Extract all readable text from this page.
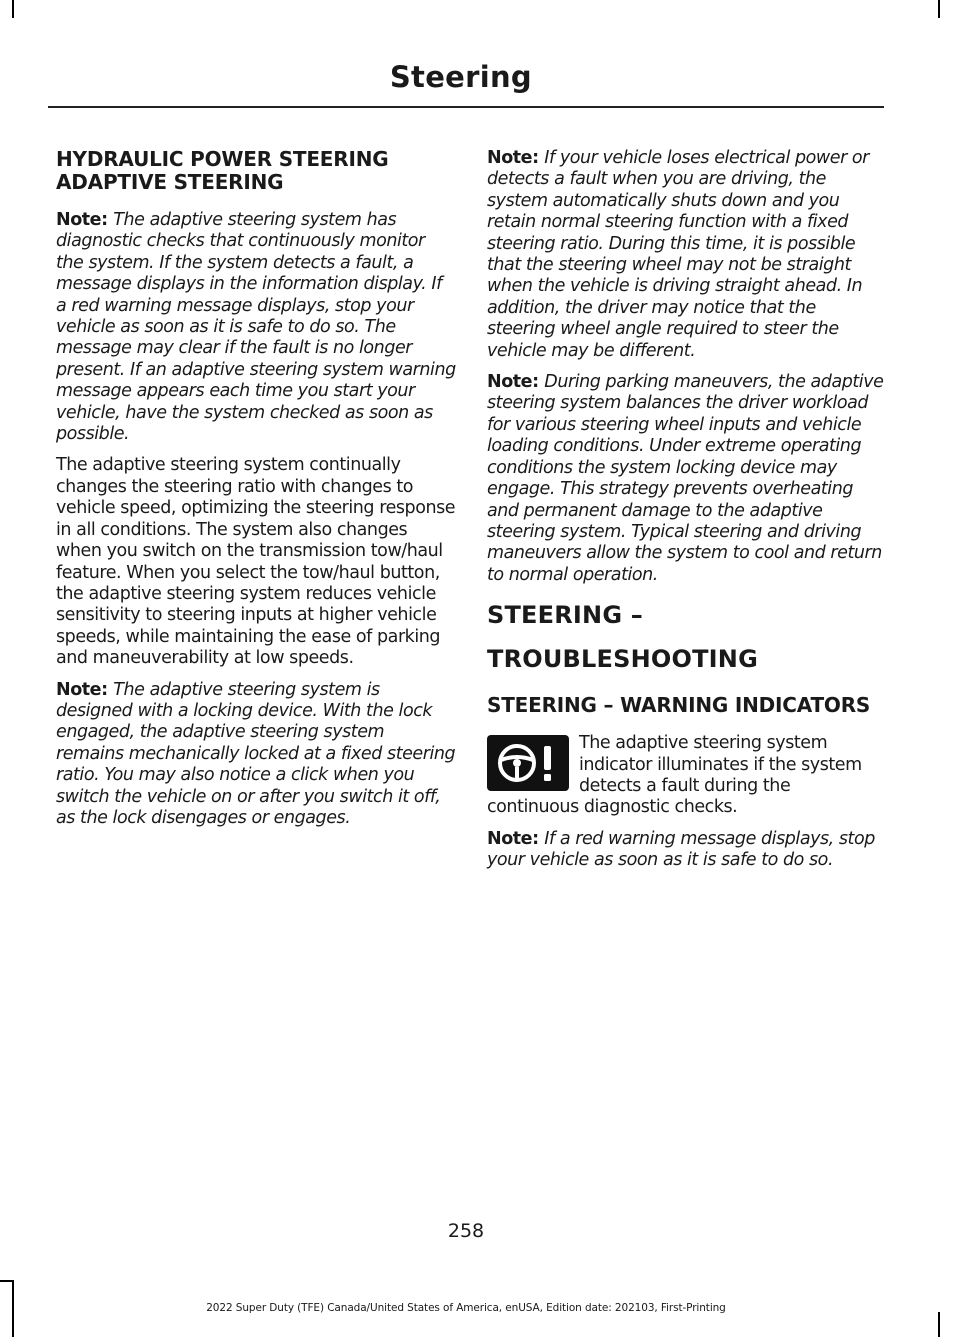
Steering
HYDRAULIC POWER STEERING ADAPTIVE STEERING

Note: The adaptive steering system has diagnostic checks that continuously monitor the system. If the system detects a fault, a message displays in the information display. If a red warning message displays, stop your vehicle as soon as it is safe to do so. The message may clear if the fault is no longer present. If an adaptive steering system warning message appears each time you start your vehicle, have the system checked as soon as possible.

The adaptive steering system continually changes the steering ratio with changes to vehicle speed, optimizing the steering response in all conditions. The system also changes when you switch on the transmission tow/haul feature. When you select the tow/haul button, the adaptive steering system reduces vehicle sensitivity to steering inputs at higher vehicle speeds, while maintaining the ease of parking and maneuverability at low speeds.

Note: The adaptive steering system is designed with a locking device. With the lock engaged, the adaptive steering system remains mechanically locked at a fixed steering ratio. You may also notice a click when you switch the vehicle on or after you switch it off, as the lock disengages or engages.

Note: If your vehicle loses electrical power or detects a fault when you are driving, the system automatically shuts down and you retain normal steering function with a fixed steering ratio. During this time, it is possible that the steering wheel may not be straight when the vehicle is driving straight ahead. In addition, the driver may notice that the steering wheel angle required to steer the vehicle may be different.

Note: During parking maneuvers, the adaptive steering system balances the driver workload for various steering wheel inputs and vehicle loading conditions. Under extreme operating conditions the system locking device may engage. This strategy prevents overheating and permanent damage to the adaptive steering system. Typical steering and driving maneuvers allow the system to cool and return to normal operation.

STEERING –
TROUBLESHOOTING
STEERING – WARNING INDICATORS

The adaptive steering system indicator illuminates if the system detects a fault during the continuous diagnostic checks.

Note: If a red warning message displays, stop your vehicle as soon as it is safe to do so.

258
2022 Super Duty (TFE) Canada/United States of America, enUSA, Edition date: 202103, First-Printing
